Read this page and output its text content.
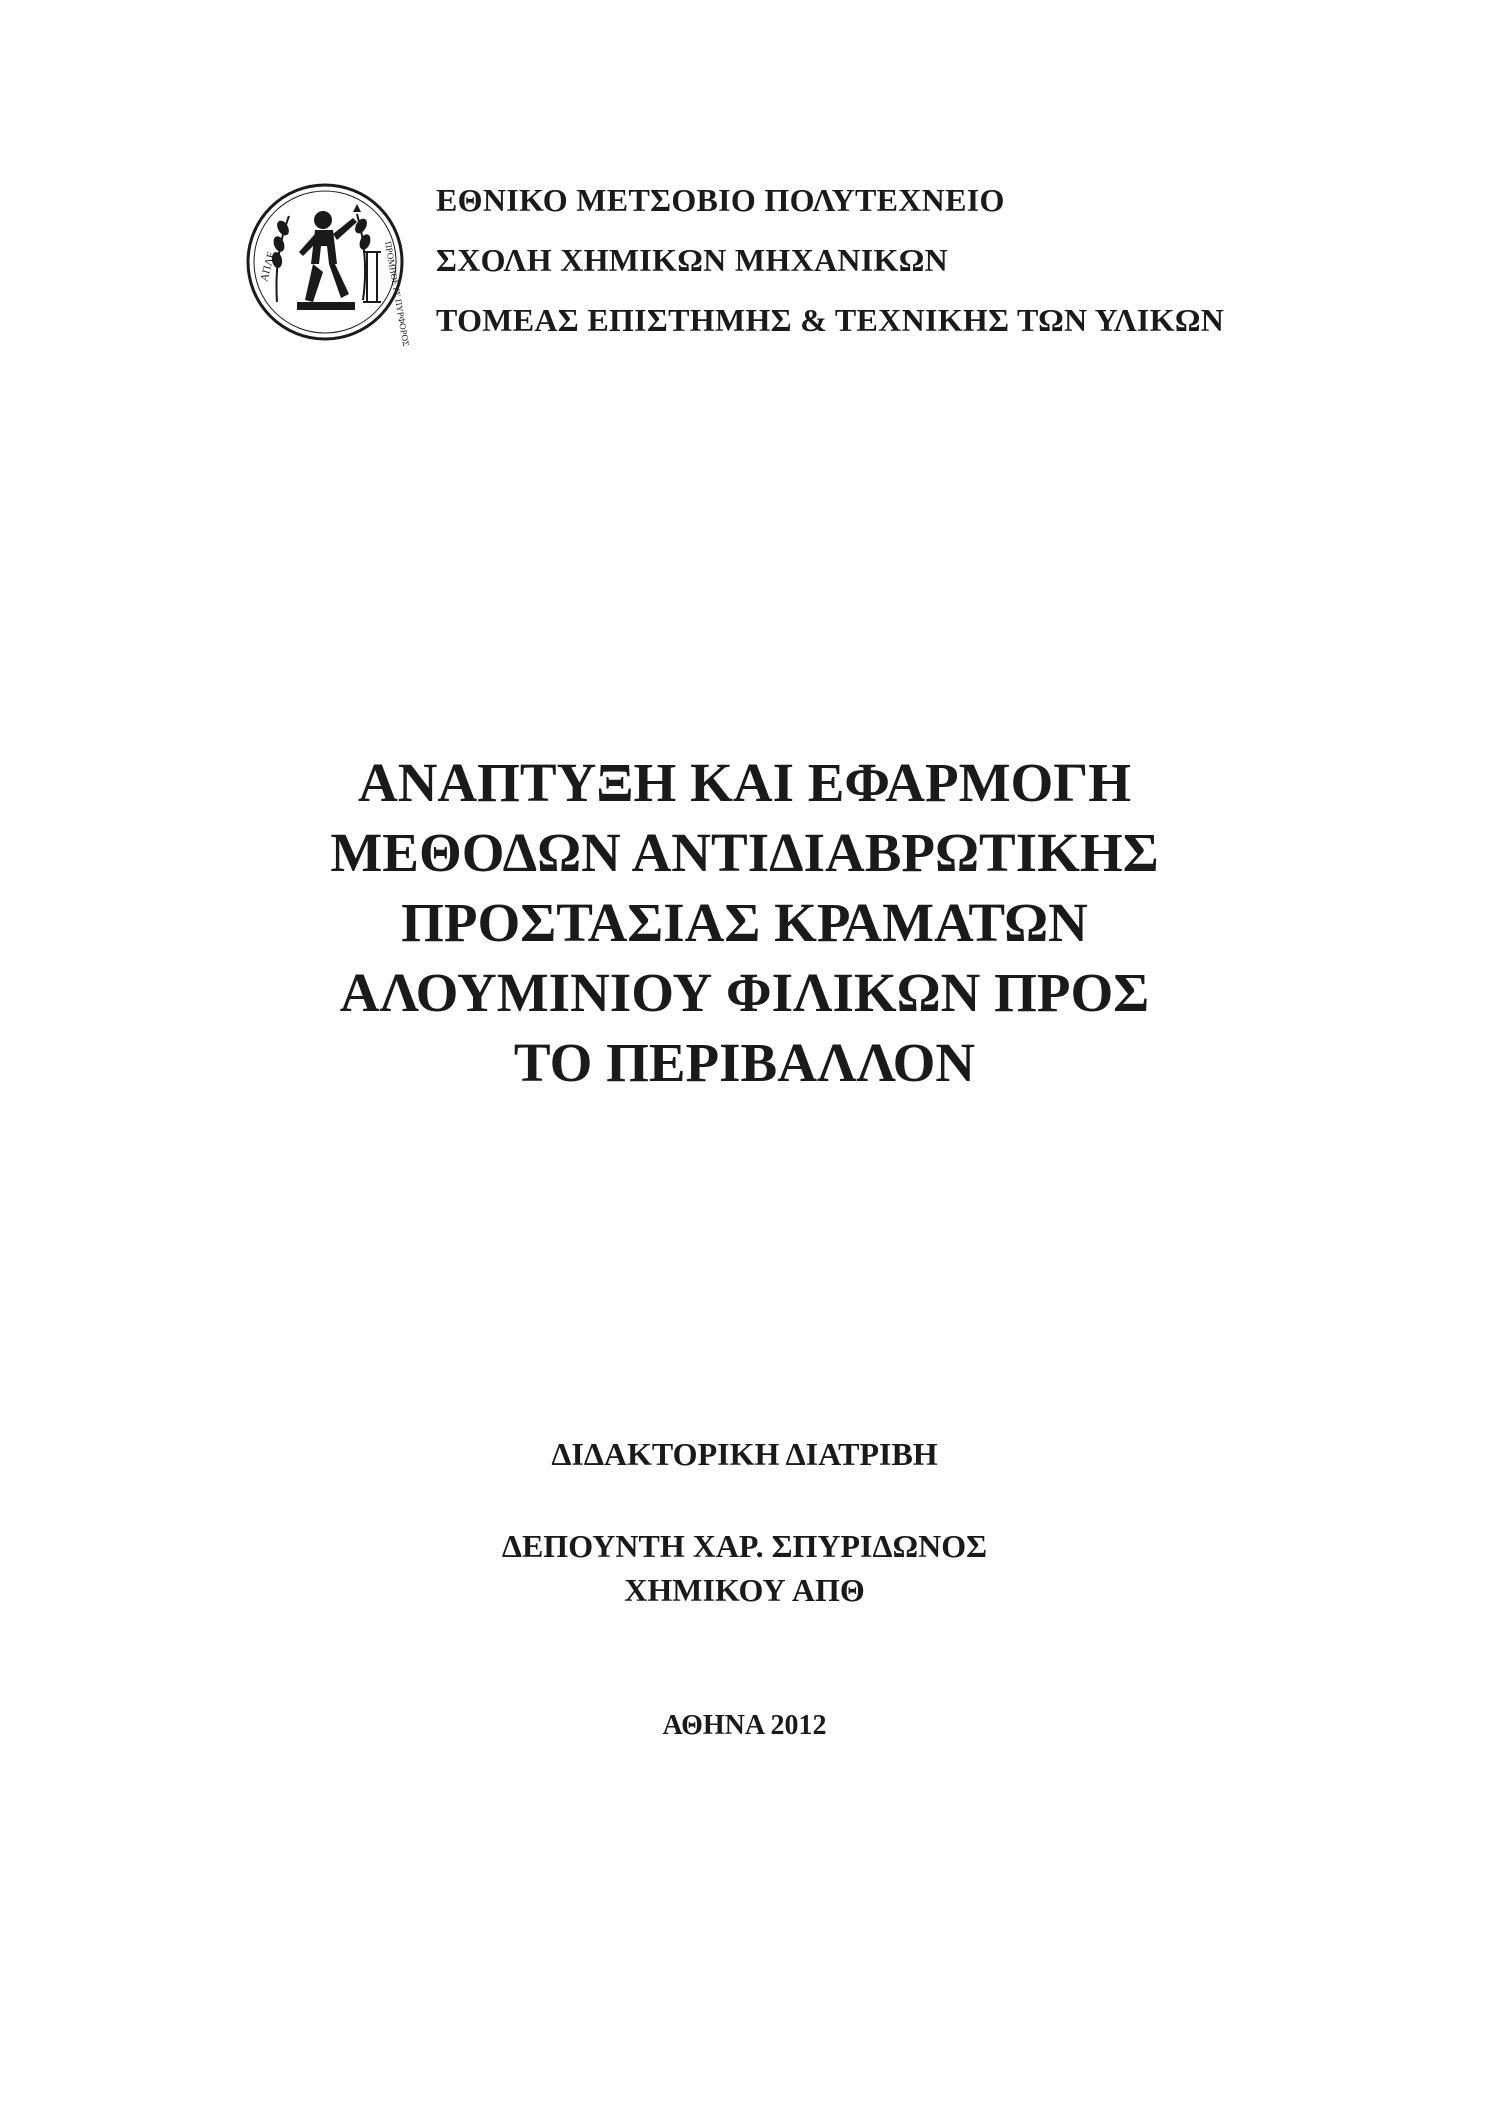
ΑΠΛΕ	ΠΡΟΜΗΘΕΥΣ ΠΥΡΦΟΡΟΣ
ΕΘΝΙΚΟ ΜΕΤΣΟΒΙΟ ΠΟΛΥΤΕΧΝΕΙΟ
ΣΧΟΛΗ ΧΗΜΙΚΩΝ ΜΗΧΑΝΙΚΩΝ
ΤΟΜΕΑΣ ΕΠΙΣΤΗΜΗΣ & ΤΕΧΝΙΚΗΣ ΤΩΝ ΥΛΙΚΩΝ
ΑΝΑΠΤΥΞΗ ΚΑΙ ΕΦΑΡΜΟΓΗ
ΜΕΘΟΔΩΝ ΑΝΤΙΔΙΑΒΡΩΤΙΚΗΣ
ΠΡΟΣΤΑΣΙΑΣ ΚΡΑΜΑΤΩΝ
ΑΛΟΥΜΙΝΙΟΥ ΦΙΛΙΚΩΝ ΠΡΟΣ
ΤΟ ΠΕΡΙΒΑΛΛΟΝ
ΔΙΔΑΚΤΟΡΙΚΗ ΔΙΑΤΡΙΒΗ
ΔΕΠΟΥΝΤΗ ΧΑΡ. ΣΠΥΡΙΔΩΝΟΣ
ΧΗΜΙΚΟΥ ΑΠΘ
ΑΘΗΝΑ 2012
